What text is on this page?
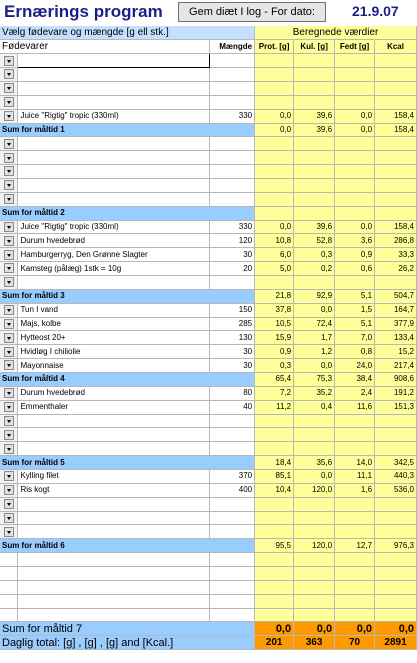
Ernærings program	Gem diæt I log - For dato:	21.9.07
Vælg fødevare og mængde [g ell stk.]			Beregnede værdier			
Fødevarer		Mængde	Prot. [g]	Kul. [g]	Fedt [g]	Kcal

	Juice "Rigtig" tropic (330ml)	330	0,0	39,6	0,0	158,4
Sum for måltid 1			0,0	39,6	0,0	158,4

Sum for måltid 2						
	Juice "Rigtig" tropic (330ml)	330	0,0	39,6	0,0	158,4
	Durum hvedebrød	120	10,8	52,8	3,6	286,8
	Hamburgerryg, Den Grønne Slagter	30	6,0	0,3	0,9	33,3
	Kamsteg (pålæg) 1stk = 10g	20	5,0	0,2	0,6	26,2

Sum for måltid 3			21,8	92,9	5,1	504,7
	Tun I vand	150	37,8	0,0	1,5	164,7
	Majs, kolbe	285	10,5	72,4	5,1	377,9
	Hytteost 20+	130	15,9	1,7	7,0	133,4
	Hvidløg I chiliolie	30	0,9	1,2	0,8	15,2
	Mayonnaise	30	0,3	0,0	24,0	217,4
Sum for måltid 4			65,4	75,3	38,4	908,6
	Durum hvedebrød	80	7,2	35,2	2,4	191,2
	Emmenthaler	40	11,2	0,4	11,6	151,3

Sum for måltid 5			18,4	35,6	14,0	342,5
	Kylling filet	370	85,1	0,0	11,1	440,3
	Ris kogt	400	10,4	120,0	1,6	536,0

Sum for måltid 6			95,5	120,0	12,7	976,3

Sum for måltid 7			0,0	0,0	0,0	0,0
Daglig total: [g] , [g] , [g] and [Kcal.]			201	363	70	2891
